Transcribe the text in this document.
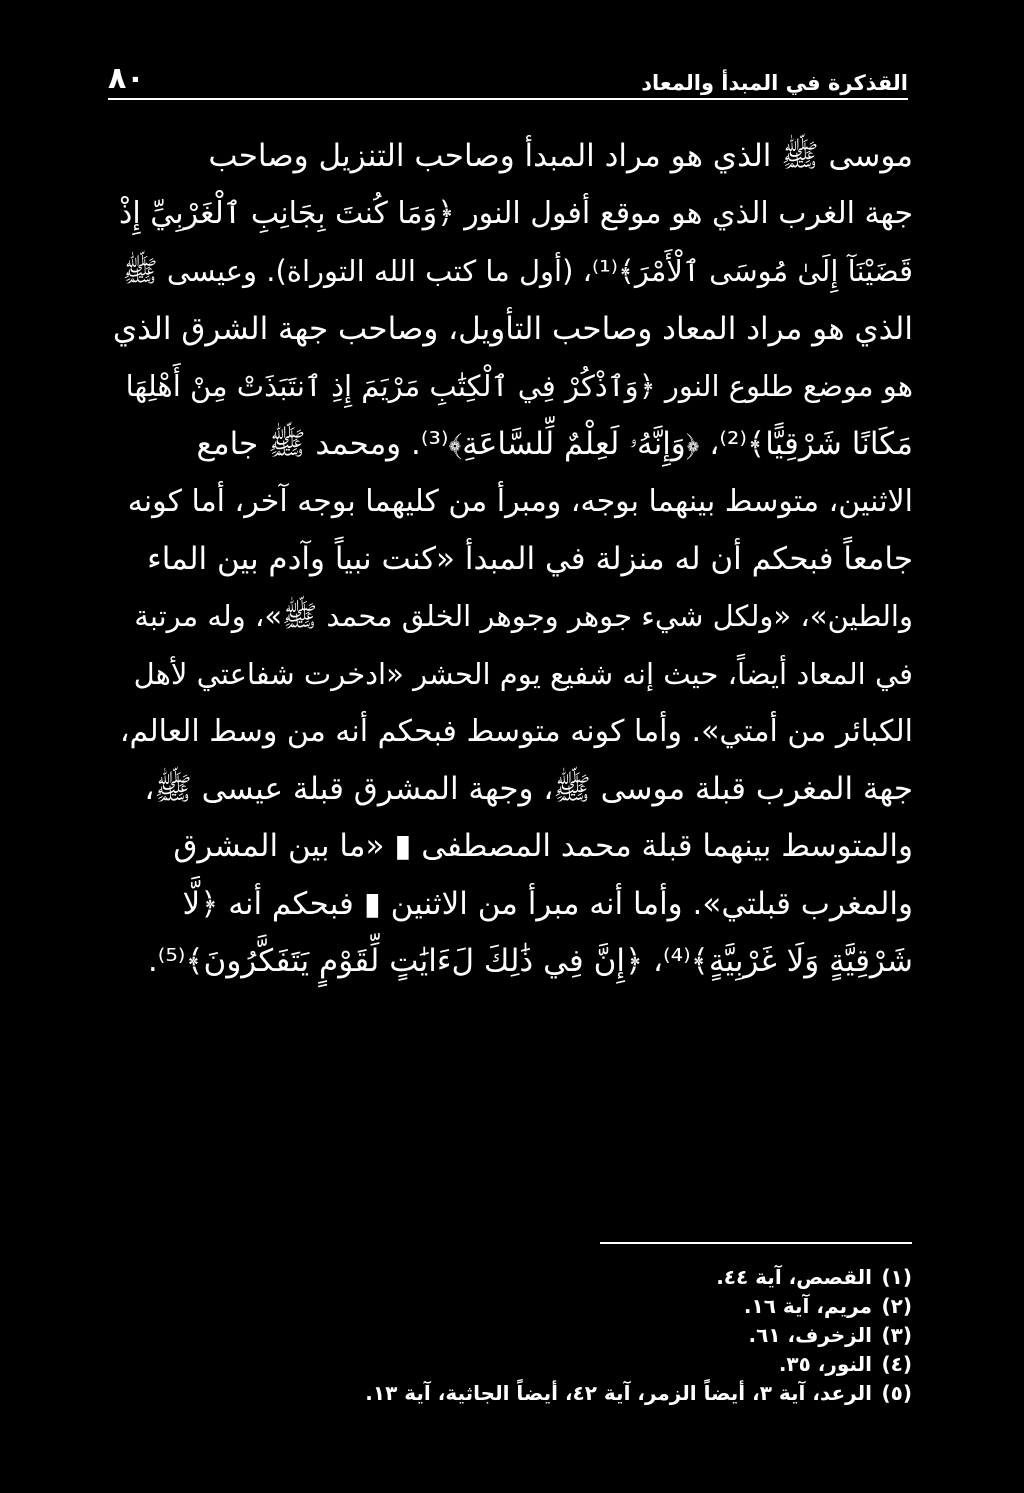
القذكرة في المبدأ والمعاد
٨٠
موسى ﷺ الذي هو مراد المبدأ وصاحب التنزيل وصاحب
جهة الغرب الذي هو موقع أفول النور ﴿وَمَا كُنتَ بِجَانِبِ ٱلْغَرْبِيِّ إِذْ
قَضَيْنَآ إِلَىٰ مُوسَى ٱلْأَمْرَ﴾⁽¹⁾، (أول ما كتب الله التوراة). وعيسى ﷺ
الذي هو مراد المعاد وصاحب التأويل، وصاحب جهة الشرق الذي
هو موضع طلوع النور ﴿وَٱذْكُرْ فِي ٱلْكِتَٰبِ مَرْيَمَ إِذِ ٱنتَبَذَتْ مِنْ أَهْلِهَا
مَكَانًا شَرْقِيًّا﴾⁽²⁾، ﴿وَإِنَّهُۥ لَعِلْمٌ لِّلسَّاعَةِ﴾⁽³⁾. ومحمد ﷺ جامع
الاثنين، متوسط بينهما بوجه، ومبرأ من كليهما بوجه آخر، أما كونه
جامعاً فبحكم أن له منزلة في المبدأ «كنت نبياً وآدم بين الماء
والطين»، «ولكل شيء جوهر وجوهر الخلق محمد ﷺ»، وله مرتبة
في المعاد أيضاً، حيث إنه شفيع يوم الحشر «ادخرت شفاعتي لأهل
الكبائر من أمتي». وأما كونه متوسط فبحكم أنه من وسط العالم،
جهة المغرب قبلة موسى ﷺ، وجهة المشرق قبلة عيسى ﷺ،
والمتوسط بينهما قبلة محمد المصطفى ▮ «ما بين المشرق
والمغرب قبلتي». وأما أنه مبرأ من الاثنين ▮ فبحكم أنه ﴿لَّا
شَرْقِيَّةٍ وَلَا غَرْبِيَّةٍ﴾⁽⁴⁾، ﴿إِنَّ فِي ذَٰلِكَ لَءَايَٰتٍ لِّقَوْمٍ يَتَفَكَّرُونَ﴾⁽⁵⁾.
(١)
القصص، آية ٤٤.
(٢)
مريم، آية ١٦.
(٣)
الزخرف، ٦١.
(٤)
النور، ٣٥.
(٥)
الرعد، آية ٣، أيضاً الزمر، آية ٤٢، أيضاً الجاثية، آية ١٣.
